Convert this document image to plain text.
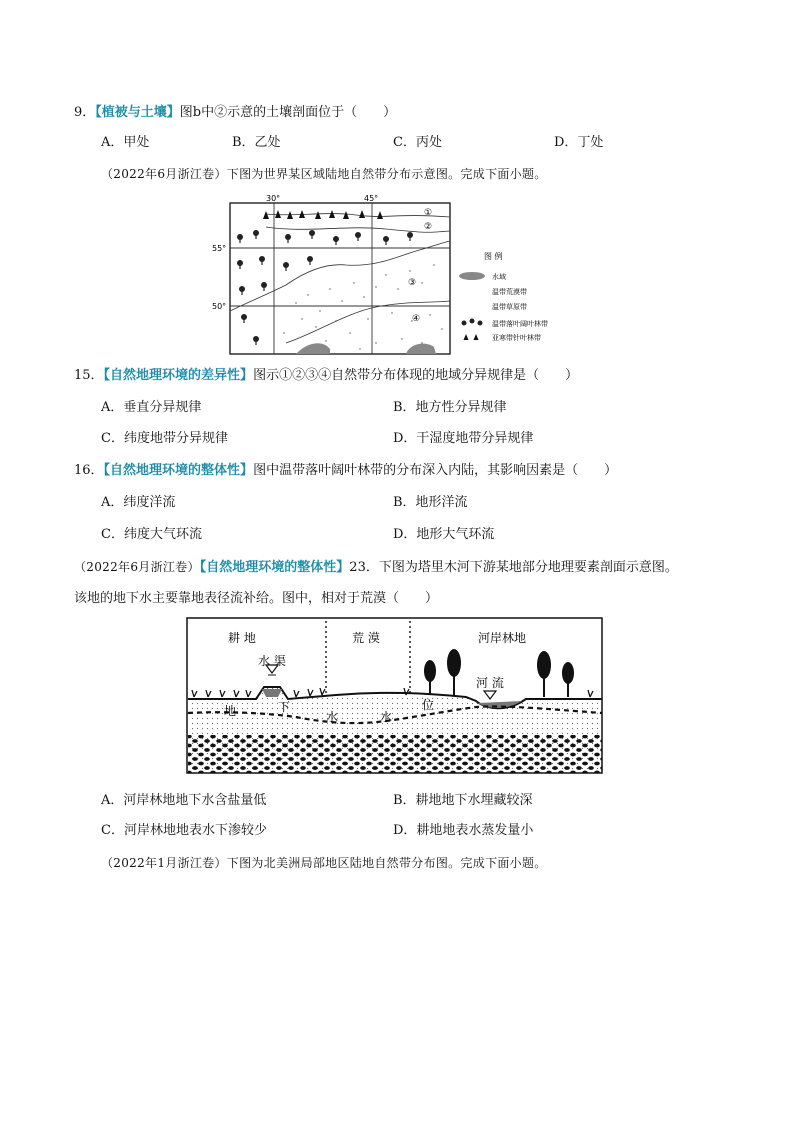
9．【植被与土壤】图b中②示意的土壤剖面位于（　　）
A．甲处	B．乙处	C．丙处	D．丁处
（2022年6月浙江卷）下图为世界某区域陆地自然带分布示意图。完成下面小题。
30°	45°
55°
50°
①
②
③
④
图 例
水域
温带荒漠带
温带草原带
温带落叶阔叶林带
亚寒带针叶林带
15．【自然地理环境的差异性】图示①②③④自然带分布体现的地域分异规律是（　　）
A．垂直分异规律	B．地方性分异规律
C．纬度地带分异规律	D．干湿度地带分异规律
16．【自然地理环境的整体性】图中温带落叶阔叶林带的分布深入内陆，其影响因素是（　　）
A．纬度洋流	B．地形洋流
C．纬度大气环流	D．地形大气环流
（2022年6月浙江卷）【自然地理环境的整体性】23．下图为塔里木河下游某地部分地理要素剖面示意图。
该地的地下水主要靠地表径流补给。图中，相对于荒漠（　　）
耕 地	荒 漠	河岸林地
水 渠
河 流
地	下
水	水
位
A．河岸林地地下水含盐量低	B．耕地地下水埋藏较深
C．河岸林地地表水下渗较少	D．耕地地表水蒸发量小
（2022年1月浙江卷）下图为北美洲局部地区陆地自然带分布图。完成下面小题。
